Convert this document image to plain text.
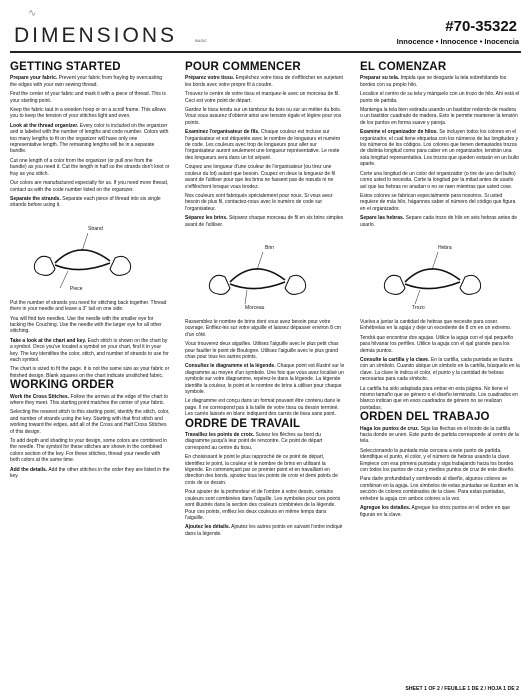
∿
DIMENSIONS	BASIC
#70-35322
Innocence • Innocence • Inocencia
GETTING STARTED

Prepare your fabric. Prevent your fabric from fraying by overcasting the edges with your own sewing thread.

Find the center of your fabric and mark it with a piece of thread. This is your starting point.

Keep the fabric taut in a wooden hoop or on a scroll frame. This allows you to keep the tension of your stitches light and even.

Look at the thread organizer. Every color is included on the organizer and is labeled with the number of lengths and code number. Colors with too many lengths to fit on the organizer will have only one representative length. The remaining lengths will be in a separate bundle.

Cut one length of a color from the organizer (or pull one from the bundle) as you need it. Cut the length in half so the strands don't knot or fray as you stitch.

Our colors are manufactured especially for us. If you need more thread, contact us with the code number listed on the organizer.

Separate the strands. Separate each piece of thread into six single strands before using it.

Strand
Piece

Put the number of strands you need for stitching back together. Thread them in your needle and leave a 3" tail on one side.

You will find two needles. Use the needle with the smaller eye for tacking the Couching. Use the needle with the larger eye for all other stitching.

Take a look at the chart and key. Each stitch is shown on the chart by a symbol. Once you've located a symbol on your chart, find it in your key. The key identifies the color, stitch, and number of strands to use for each symbol.

The chart is sized to fit the page. It is not the same size as your fabric or finished design. Blank squares on the chart indicate unstitched fabric.

WORKING ORDER

Work the Cross Stitches. Follow the arrows at the edge of the chart to where they meet. This starting point matches the center of your fabric.

Selecting the nearest stitch to this starting point, identify the stitch, color, and number of strands using the key. Starting with that first stitch and working toward the edges, add all of the Cross and Half Cross Stitches of this design.

To add depth and shading to your design, some colors are combined in the needle. The symbol for these stitches are shown in the combined colors section of the key. For these stitches, thread your needle with both colors at the same time.

Add the details. Add the other stitches in the order they are listed in the key.

POUR COMMENCER

Préparez votre tissu. Empêchez votre tissu de s'effilocher en surjetant les bords avec votre propre fil à coudre.

Trouvez le centre de votre tissu et marquez-le avec un morceau de fil. Ceci est votre point de départ.

Gardez le tissu tendu sur un tambour du bois ou sur un métier du bois. Vous vous assurez d'obtenir ainsi une tension égale et légère pour vos points.

Examinez l'organisateur de fils. Chaque couleur est incluse sur l'organisateur et est étiquetée avec le nombre de longueurs et numéro de code. Les couleurs avec trop de longueurs pour aller sur l'organisateur auront seulement une longueur représentative. Le reste des longueurs sera dans un lot séparé.

Coupez une longueur d'une couleur de l'organisateur (ou tirez une couleur du lot) autant que besoin. Coupez en deux la longueur de fil avant de l'utiliser pour que les brins ne fassent pas de nœuds ni ne s'effilochent lorsque vous brodez.

Nos couleurs sont fabriqués spécialement pour nous. Si vous avez besoin de plus fil, contactez-nous avec le numéro de code sur l'organisateur.

Séparez les brins. Séparez chaque morceau de fil en six brins simples avant de l'utiliser.

Brin
Morceau

Rassemblez le nombre de brins dont vous avez besoin pour votre ouvrage. Enfilez-les sur votre aiguille et laissez dépasser environ 8 cm d'un côté.

Vous trouverez deux aiguilles. Utilisez l'aiguille avec le plus petit chas pour fauiller le point de Boulogne. Utilisez l'aiguille avec le plus grand chas pour tous les autres points.

Consultez le diagramme et la légende. Chaque point est illustré sur le diagramme au moyen d'un symbole. Une fois que vous avez localisé un symbole sur votre diagramme, repérez-le dans la légende. La légende identifie la couleur, le point et le nombre de brins à utiliser pour chaque symbole.

Le diagramme est conçu dans un format pouvant être contenu dans le page. Il ne correspond pas à la taille de votre tissu ou dessin terminé. Les carrés laissés en blanc indiquent des carrés de tissu sans point.

ORDRE DE TRAVAIL

Travaillez les points de croix. Suivez les flèches au bord du diagramme jusqu'à leur point de rencontre. Ce point de départ correspond au centre du tissu.

En choisissant le point le plus rapproché de ce point de départ, identifiez le point, la couleur et le nombre de brins en utilisant la légende. En commençant par ce premier point et en travaillant en direction des bords, ajoutez tous les points de croix et demi points de croix de ce dessin.

Pour ajouter de la profondeur et de l'ombre à votre dessin, certains couleurs sont combinées dans l'aiguille. Les symboles pour ces points sont illustrés dans la section des couleurs combinées de la légende. Pour ces points, enfilez les deux couleurs en même temps dans l'aiguille.

Ajoutez les détails. Ajoutez les autres points en suivant l'ordre indiqué dans la légende.

EL COMENZAR

Preparar su tela. Impida que se desgaste la tela sobrehilando los bordes con su propio hilo.

Localice el centro de su tela y márquelo con un trozo de hilo. Ahí está el punto de partida.

Mantenga la tela bien estirada usando un bastidor redondo de madera o un bastidor cuadrado de madera. Esto le permite mantener la tensión de los puntos en forma suave y pareja.

Examine el organizador de hilos. Se incluyen todos los colores en el organizador, el cual tiene etiquetas con los números de las longitudes y los números de los códigos. Los colores que tienen demasiados trozos de distinta longitud como para caber en un organizador, tendrán una sola longitud representativa. Los trozos que queden estarán en un bulto aparte.

Corte una longitud de un color del organizador (o tire de uno del bulto) como usted lo necesita. Corte la longitud por la mitad antes de usarlo así que las hebras no anudan o no se raen mientras que usted cose.

Estos colores se fabrican especialmente para nosotros. Si usted requiere de más hilo, hágannos saber el número del código que figura en el organizador.

Separe las hebras. Separe cada trozo de hilo en seis hebras antes de usarlo.

Hebra
Trozo

Vuelva a juntar la cantidad de hebras que necesite para coser. Enhébrelas en la aguja y deje un excedente de 8 cm en un extremo.

Tendrá que encontrar dos agujas. Utilice la aguja con el ojal pequeño para hilvanar los perfiles. Utilice la aguja con el ojal grande para los demás puntos.

Consulte la cartilla y la clave. En la cartilla, cada puntada se ilustra con un símbolo. Cuando ubique un símbolo en la cartilla, búsquelo en la clave. La clave le indica el color, el punto y la cantidad de hebras necesarias para cada símbolo.

La cartilla ha sido adaptada para entrar en esta página. No tiene el mismo tamaño que se género o el diseño terminado. Los cuadrados en blanco indican que en esos cuadrados de género no se realizan puntadas.

ORDEN DEL TRABAJO

Haga los puntos de cruz. Siga las flechas en el borde de la cartilla hacia donde se unen. Este punto de partida corresponde al centro de la tela.

Seleccionando la puntada más cercana a este punto de partida, identifique el punto, el color, y el número de hebras usando la clave. Empiece con esa primera puntada y siga trabajando hacia los bordes con todos los puntos de cruz y medios puntos de cruz de este diseño.

Para darle profundidad y sombreado al diseño, algunos colores se combinan en la aguja. Los símbolos de estas puntadas se ilustran en la sección de colores combinados de la clave. Para estas puntadas, enhebre la aguja con ambos colores a la vez.

Agregue los detalles. Agregue los otros puntos en el orden en que figuran en la clave.

SHEET 1 OF 2 / FEUILLE 1 DE 2 / HOJA 1 DE 2
